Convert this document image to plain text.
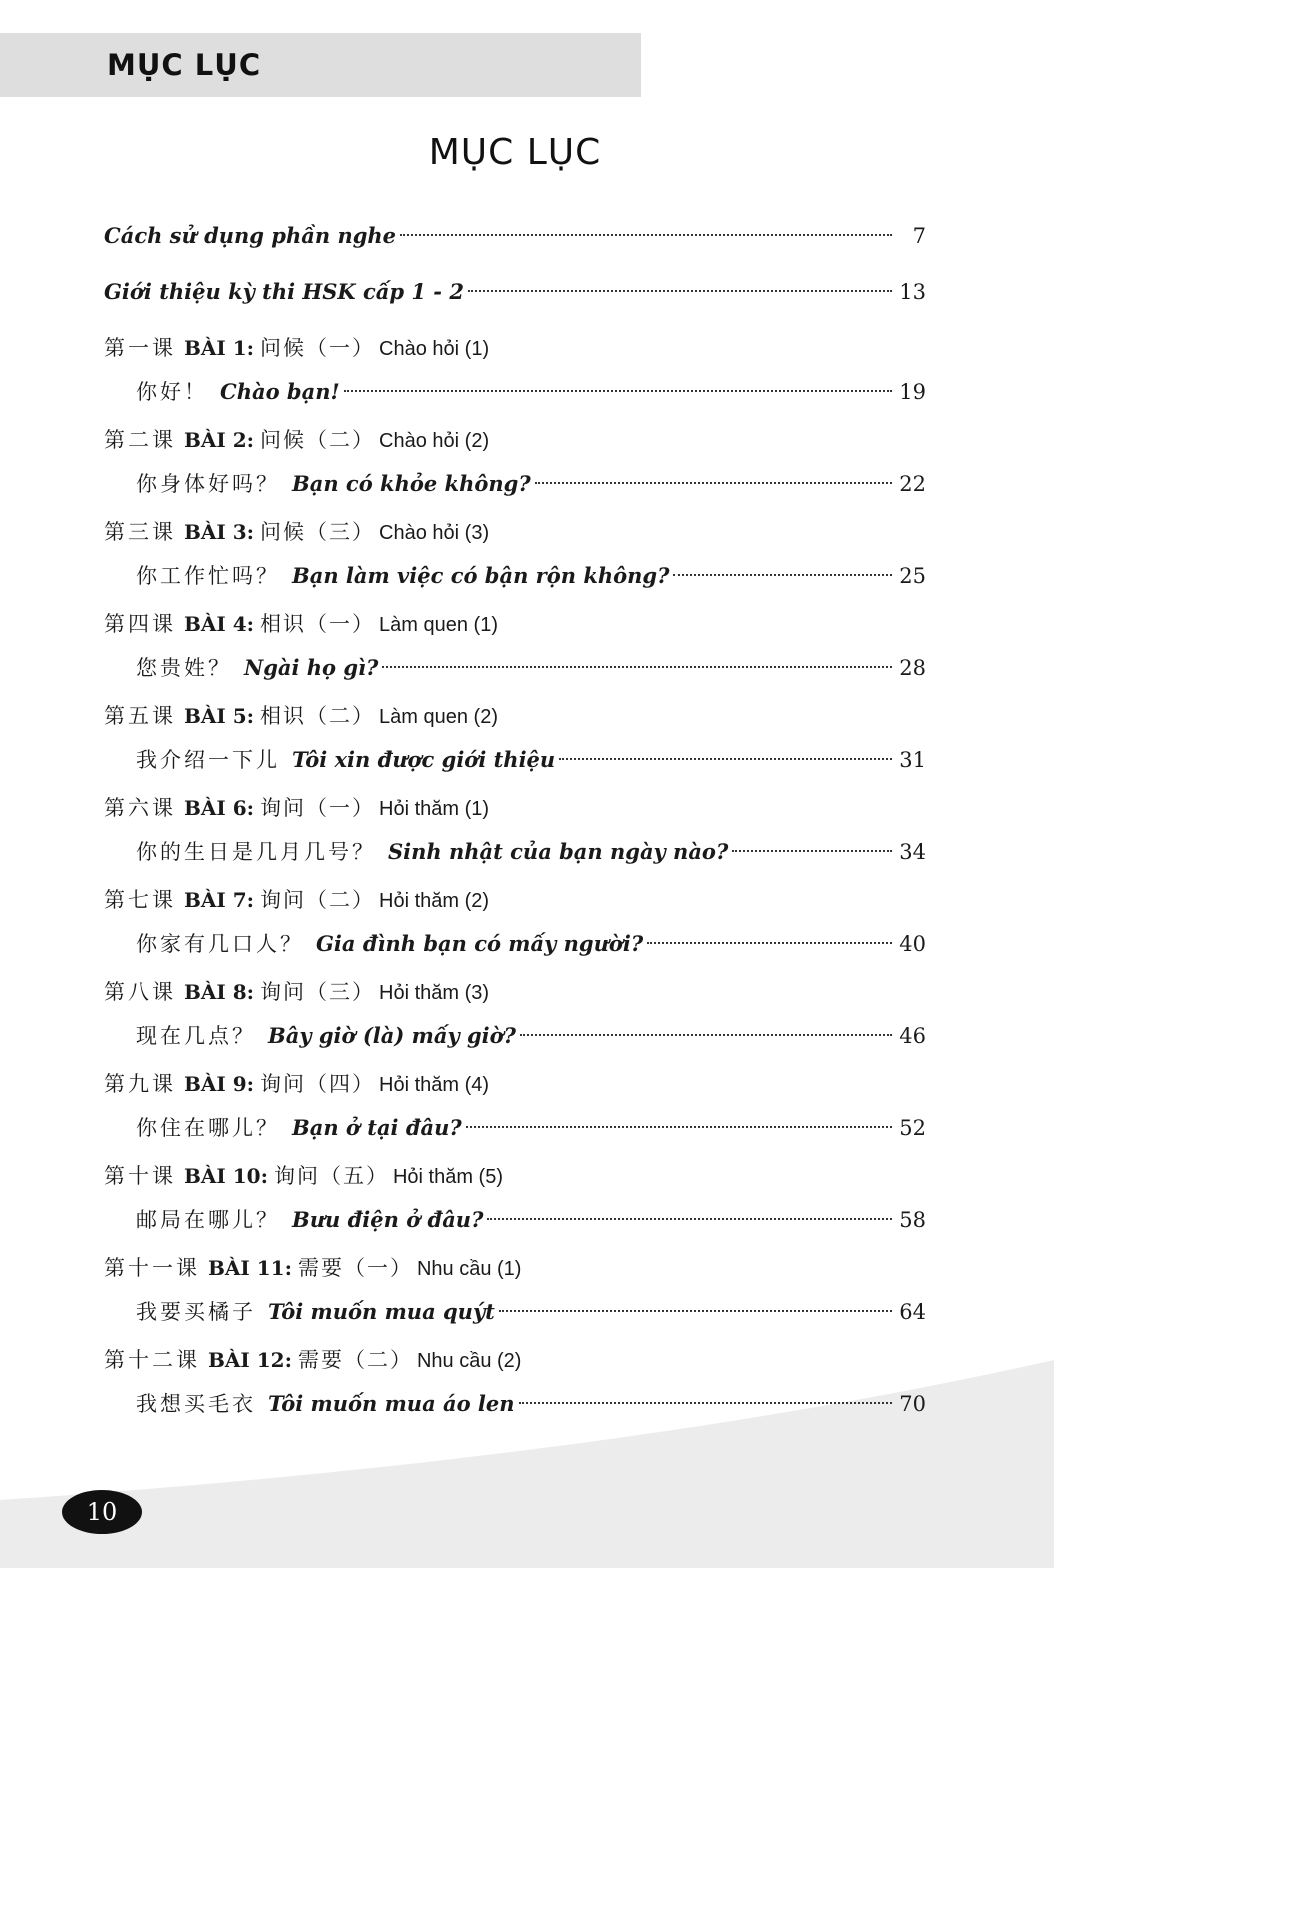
MỤC LỤC
MỤC LỤC
Cách sử dụng phần nghe	7
Giới thiệu kỳ thi HSK cấp 1 - 2	13
第一课 BÀI 1: 问候（一） Chào hỏi (1)
你好！ Chào bạn!	19
第二课 BÀI 2: 问候（二） Chào hỏi (2)
你身体好吗？ Bạn có khỏe không?	22
第三课 BÀI 3: 问候（三） Chào hỏi (3)
你工作忙吗？ Bạn làm việc có bận rộn không?	25
第四课 BÀI 4: 相识（一） Làm quen (1)
您贵姓？ Ngài họ gì?	28
第五课 BÀI 5: 相识（二） Làm quen (2)
我介绍一下儿 Tôi xin được giới thiệu	31
第六课 BÀI 6: 询问（一） Hỏi thăm (1)
你的生日是几月几号？ Sinh nhật của bạn ngày nào?	34
第七课 BÀI 7: 询问（二） Hỏi thăm (2)
你家有几口人？ Gia đình bạn có mấy người?	40
第八课 BÀI 8: 询问（三） Hỏi thăm (3)
现在几点？ Bây giờ (là) mấy giờ?	46
第九课 BÀI 9: 询问（四） Hỏi thăm (4)
你住在哪儿？ Bạn ở tại đâu?	52
第十课 BÀI 10: 询问（五） Hỏi thăm (5)
邮局在哪儿？ Bưu điện ở đâu?	58
第十一课 BÀI 11: 需要（一） Nhu cầu (1)
我要买橘子 Tôi muốn mua quýt	64
第十二课 BÀI 12: 需要（二） Nhu cầu (2)
我想买毛衣 Tôi muốn mua áo len	70
10
